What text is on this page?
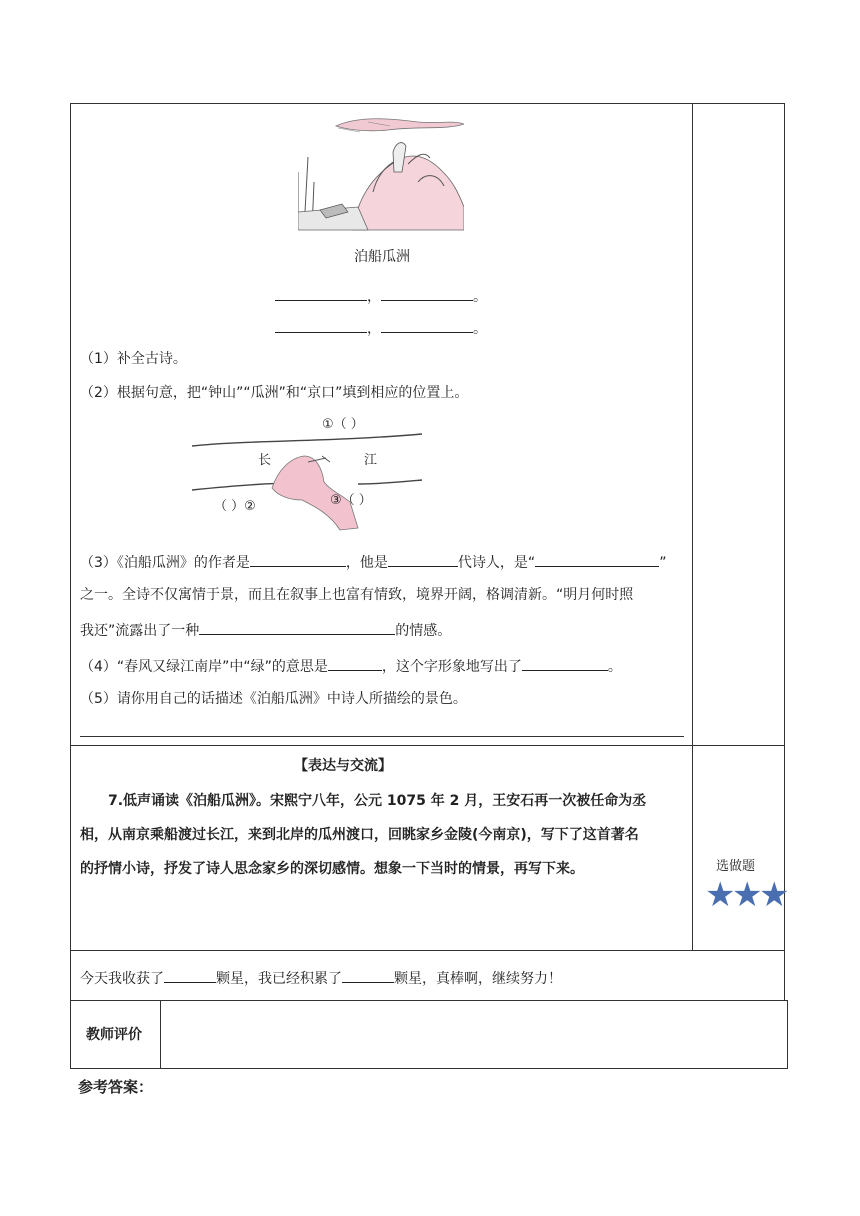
泊船瓜洲
，	。
，	。
（1）补全古诗。
（2）根据句意，把“钟山”“瓜洲”和“京口”填到相应的位置上。
①（ ）
长	江
（ ）②	③（ ）
（3）《泊船瓜洲》的作者是	，他是	代诗人，是“	”
之一。全诗不仅寓情于景，而且在叙事上也富有情致，境界开阔，格调清新。“明月何时照
我还”流露出了一种	的情感。
（4）“春风又绿江南岸”中“绿”的意思是	，这个字形象地写出了	。
（5）请你用自己的话描述《泊船瓜洲》中诗人所描绘的景色。
【表达与交流】
7.低声诵读《泊船瓜洲》。宋熙宁八年，公元 1075 年 2 月，王安石再一次被任命为丞
相，从南京乘船渡过长江，来到北岸的瓜州渡口，回眺家乡金陵(今南京)，写下了这首著名
的抒情小诗，抒发了诗人思念家乡的深切感情。想象一下当时的情景，再写下来。	选做题
★
★
★
今天我收获了	颗星，我已经积累了	颗星，真棒啊，继续努力！
教师评价
参考答案：
